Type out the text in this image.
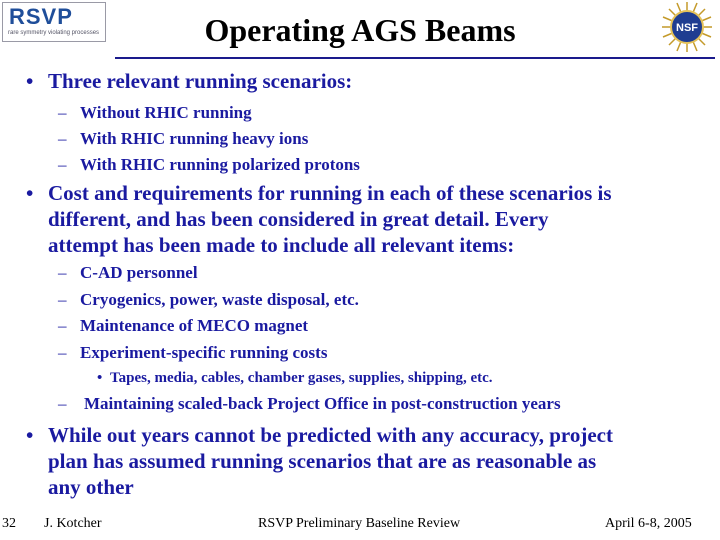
RSVP
rare symmetry violating processes	Operating AGS Beams	NSF
• Three relevant running scenarios:
– Without RHIC running
– With RHIC running heavy ions
– With RHIC running polarized protons
• Cost and requirements for running in each of these scenarios is
different, and has been considered in great detail. Every
attempt has been made to include all relevant items:
– C-AD personnel
– Cryogenics, power, waste disposal, etc.
– Maintenance of MECO magnet
– Experiment-specific running costs
• Tapes, media, cables, chamber gases, supplies, shipping, etc.
– Maintaining scaled-back Project Office in post-construction years
• While out years cannot be predicted with any accuracy, project
plan has assumed running scenarios that are as reasonable as
any other
32 J. Kotcher	RSVP Preliminary Baseline Review	April 6-8, 2005
